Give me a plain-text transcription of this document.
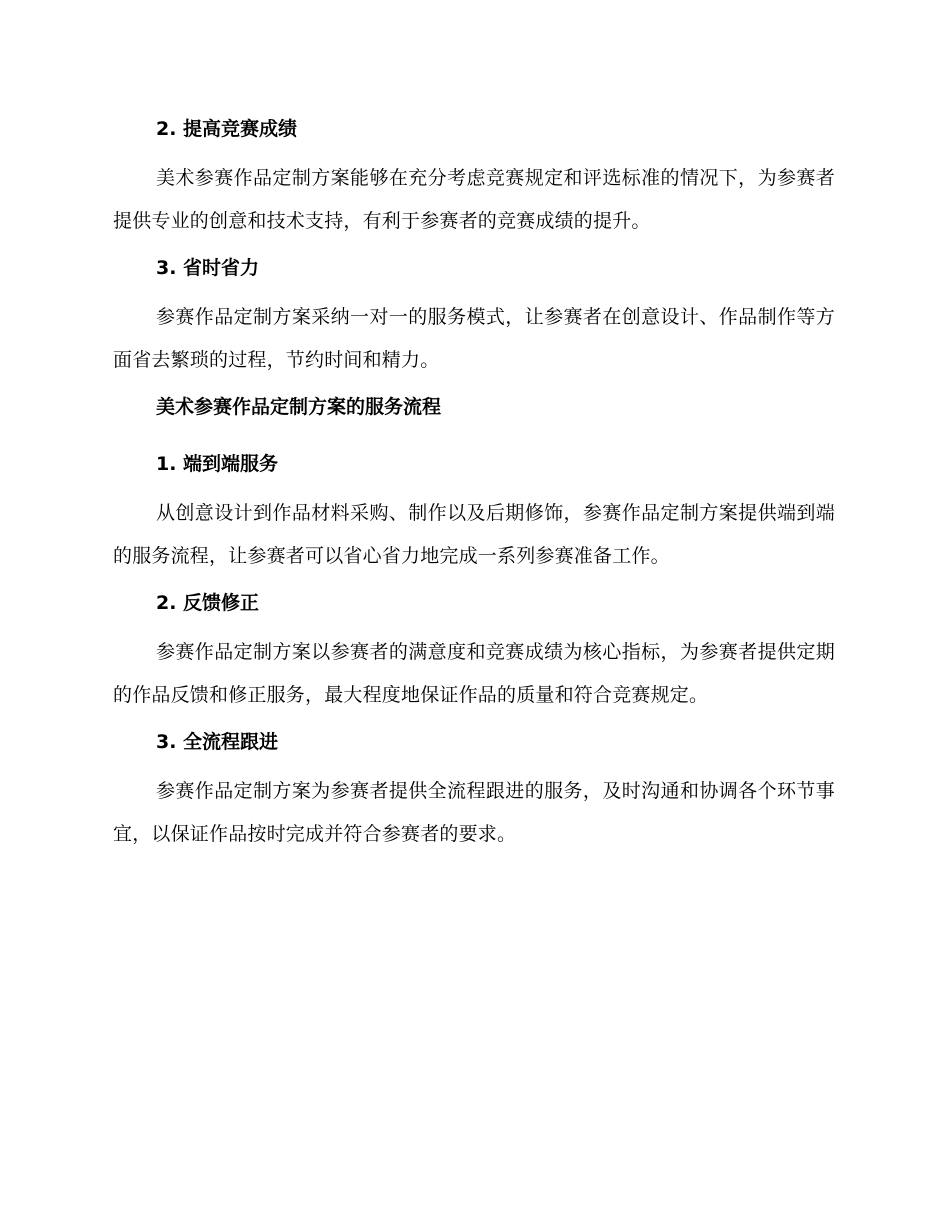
2. 提高竞赛成绩

美术参赛作品定制方案能够在充分考虑竞赛规定和评选标准的情况下，为参赛者提供专业的创意和技术支持，有利于参赛者的竞赛成绩的提升。

3. 省时省力

参赛作品定制方案采纳一对一的服务模式，让参赛者在创意设计、作品制作等方面省去繁琐的过程，节约时间和精力。

美术参赛作品定制方案的服务流程
1. 端到端服务

从创意设计到作品材料采购、制作以及后期修饰，参赛作品定制方案提供端到端的服务流程，让参赛者可以省心省力地完成一系列参赛准备工作。

2. 反馈修正

参赛作品定制方案以参赛者的满意度和竞赛成绩为核心指标，为参赛者提供定期的作品反馈和修正服务，最大程度地保证作品的质量和符合竞赛规定。

3. 全流程跟进

参赛作品定制方案为参赛者提供全流程跟进的服务，及时沟通和协调各个环节事宜，以保证作品按时完成并符合参赛者的要求。
